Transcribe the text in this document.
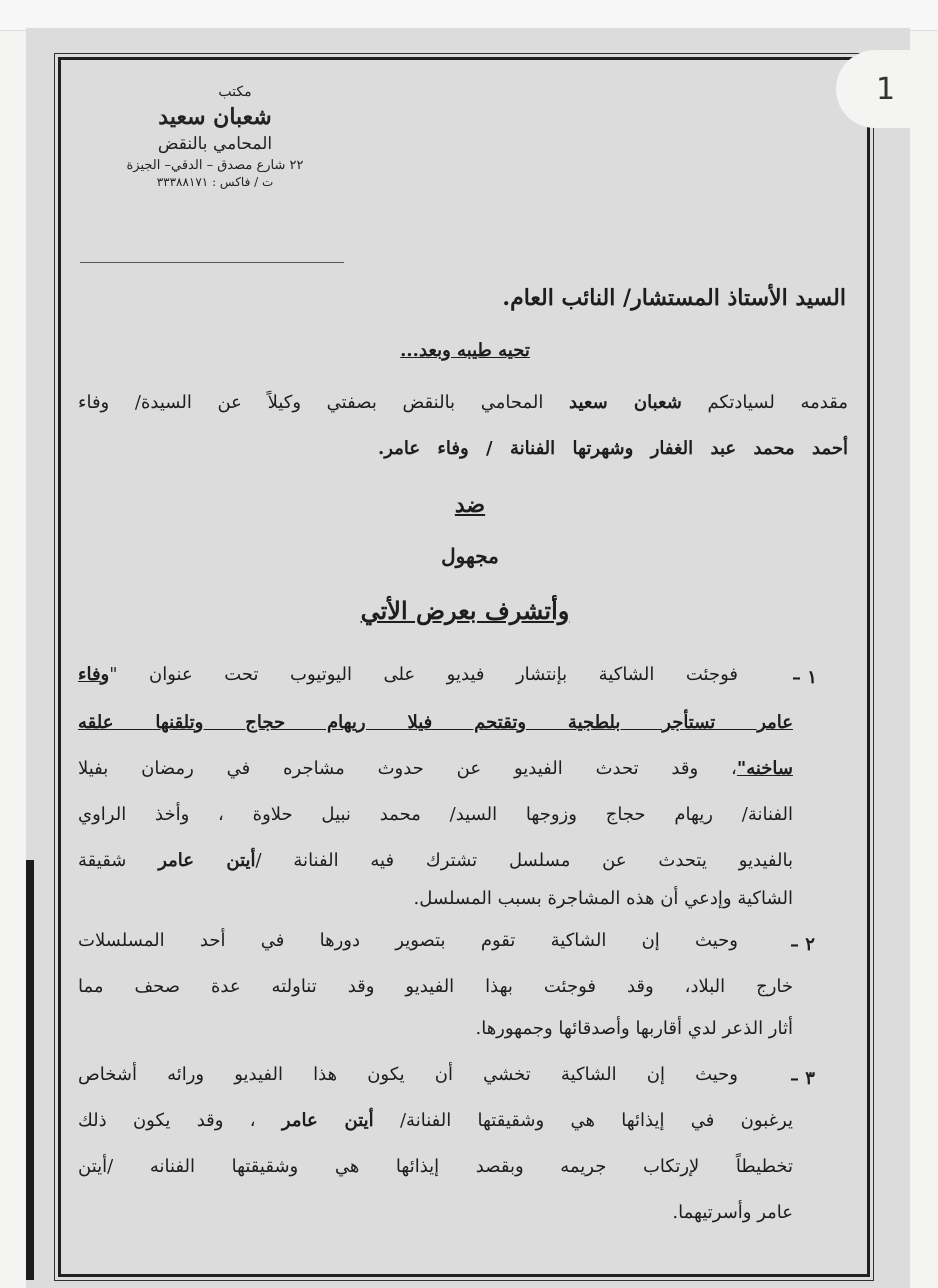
1
مكتب
شعبان سعيد
المحامي بالنقض
٢٢ شارع مصدق – الدقي– الجيزة
ت / فاكس : ٣٣٣٨٨١٧١
السيد الأستاذ المستشار/ النائب العام.
تحيه طيبه وبعد...
مقدمه لسيادتكم شعبان سعيد المحامي بالنقض بصفتي وكيلاً عن السيدة/ وفاء
أحمد محمد عبد الغفار وشهرتها الفنانة / وفاء عامر.
ضد
مجهول
وأتشرف بعرض الأتي
١ –
فوجئت الشاكية بإنتشار فيديو على اليوتيوب تحت عنوان "وفاء
عامر تستأجر بلطجية وتقتحم فيلا ريهام حجاج وتلقنها علقه
ساخنه"، وقد تحدث الفيديو عن حدوث مشاجره في رمضان بفيلا
الفنانة/ ريهام حجاج وزوجها السيد/ محمد نبيل حلاوة ، وأخذ الراوي
بالفيديو يتحدث عن مسلسل تشترك فيه الفنانة /أيتن عامر شقيقة
الشاكية وإدعي أن هذه المشاجرة بسبب المسلسل.
٢ –
وحيث إن الشاكية تقوم بتصوير دورها في أحد المسلسلات
خارج البلاد، وقد فوجئت بهذا الفيديو وقد تناولته عدة صحف مما
أثار الذعر لدي أقاربها وأصدقائها وجمهورها.
٣ –
وحيث إن الشاكية تخشي أن يكون هذا الفيديو ورائه أشخاص
يرغبون في إيذائها هي وشقيقتها الفنانة/ أيتن عامر ، وقد يكون ذلك
تخطيطاً لإرتكاب جريمه وبقصد إيذائها هي وشقيقتها الفنانه /أيتن
عامر وأسرتيهما.
